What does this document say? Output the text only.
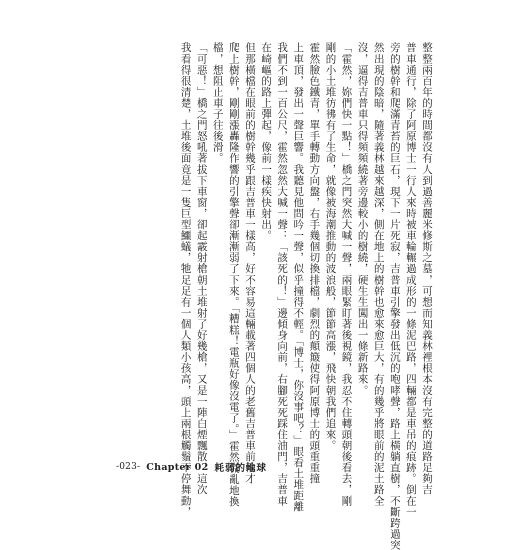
整整兩百年的時間都沒有人到過善麗米修斯之墓，可想而知義林裡根本沒有完整的道路足夠吉
普車通行，除了阿原博士一行人來時被車輪輾過成形的一條泥巴路，四輛都是車吊的痕跡。倒在一
旁的樹幹和爬滿青苔的巨石，現下一片死寂，吉普車引擎發出低沉的咆哮聲，路上橫躺直樹，不斷跨過突
然出現的陰暗，隨著義林越來越深，側在地上的樹幹也愈來愈巨大，有的幾乎將眼前的泥土路全
沒，逼得吉普車只得頻頻繞著旁邊較小的樹繞，硬生生闖出一條新路來。
「霍然，妳們快一點！」橋之門突然大喊一聲，兩眼緊盯著後視鏡，我忍不住轉頭朝後看去，剛
剛的小土堆彷彿有了生命，就像被海潮推動的波浪般，節節高漲，飛快朝我們追來。
霍然臉色鐵青，單手轉動方向盤，右手幾個切換排檔，劇烈的顛簸使得阿原博士的頭重重撞
上車頂，發出一聲巨響。我聽見他問吟一聲，似乎撞得不輕。「博士，你沒事吧？」眼看土堆距離
我們不到一百公尺，霍然忽然大喊一聲：「該死的！」邊傾身向前，右腳死死踩住油門，吉普車
在崎嶇的路上彈起，像前一樣疾快射出。
但那橫檔在眼前的樹幹幾乎跟吉普車一樣高，好不容易這輛載著四個人的老舊吉普車前輪才
爬上樹幹，剛剛漲轟隆作響的引擎聲卻漸漸弱了下來。「糟糕！電瓶好像沒電了。」霍然慌亂地換
檔，想阻止車子往後滑。
「可惡！」橋之門怒吼著拔下車窗，卻起霰射槍朝土堆射了好幾槍，又是一陣白煙飄散，這次
我看得很清楚，土堆後面竟是一隻巨型鱷蟻，牠足足有一個人類小孩高，頭上兩根觸鬚不停舞動，
-023- Chapter 02 耗弱的地球
